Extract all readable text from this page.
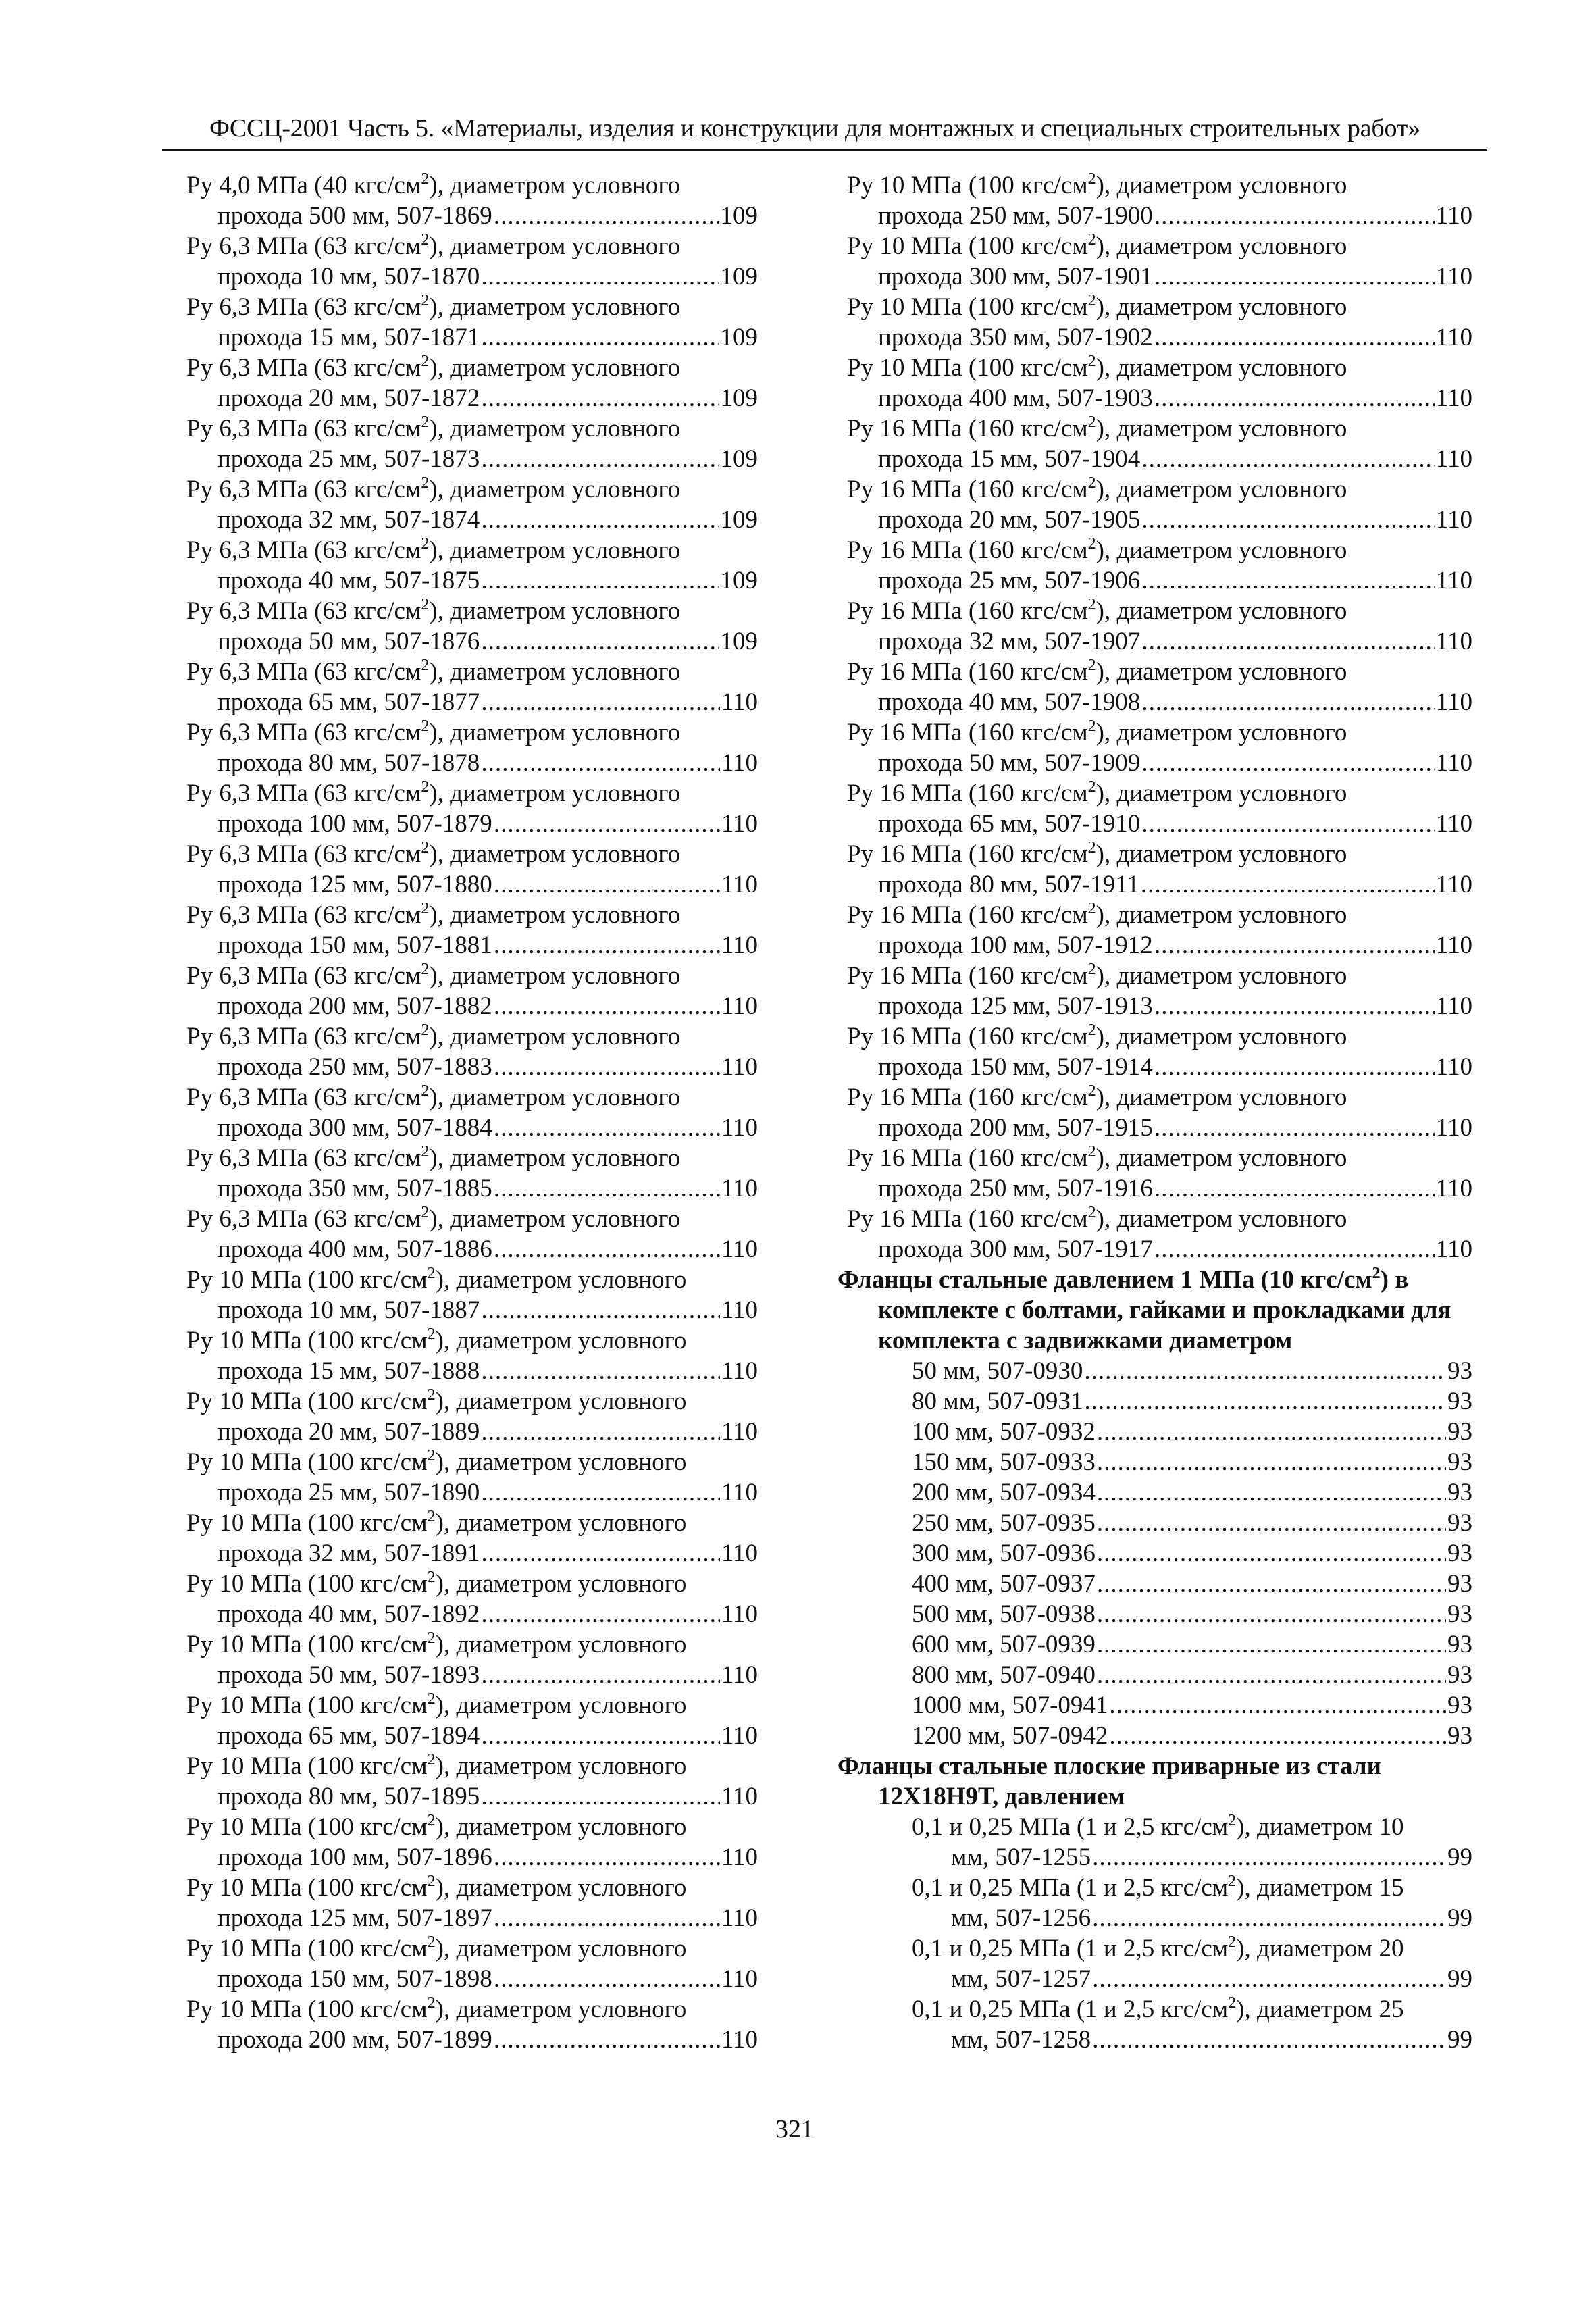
ФССЦ-2001 Часть 5. «Материалы, изделия и конструкции для монтажных и специальных строительных работ»
Ру 4,0 МПа (40 кгс/$см^2$), диаметром условного
прохода 500 мм, 507-1869 .....	109
Ру 6,3 МПа (63 кгс/$см^2$), диаметром условного
прохода 10 мм, 507-1870 .....	109
Ру 6,3 МПа (63 кгс/$см^2$), диаметром условного
прохода 15 мм, 507-1871 .....	109
Ру 6,3 МПа (63 кгс/$см^2$), диаметром условного
прохода 20 мм, 507-1872 .....	109
Ру 6,3 МПа (63 кгс/$см^2$), диаметром условного
прохода 25 мм, 507-1873 .....	109
Ру 6,3 МПа (63 кгс/$см^2$), диаметром условного
прохода 32 мм, 507-1874 .....	109
Ру 6,3 МПа (63 кгс/$см^2$), диаметром условного
прохода 40 мм, 507-1875 .....	109
Ру 6,3 МПа (63 кгс/$см^2$), диаметром условного
прохода 50 мм, 507-1876 .....	109
Ру 6,3 МПа (63 кгс/$см^2$), диаметром условного
прохода 65 мм, 507-1877 .....	110
Ру 6,3 МПа (63 кгс/$см^2$), диаметром условного
прохода 80 мм, 507-1878 .....	110
Ру 6,3 МПа (63 кгс/$см^2$), диаметром условного
прохода 100 мм, 507-1879 .....	110
Ру 6,3 МПа (63 кгс/$см^2$), диаметром условного
прохода 125 мм, 507-1880 .....	110
Ру 6,3 МПа (63 кгс/$см^2$), диаметром условного
прохода 150 мм, 507-1881 .....	110
Ру 6,3 МПа (63 кгс/$см^2$), диаметром условного
прохода 200 мм, 507-1882 .....	110
Ру 6,3 МПа (63 кгс/$см^2$), диаметром условного
прохода 250 мм, 507-1883 .....	110
Ру 6,3 МПа (63 кгс/$см^2$), диаметром условного
прохода 300 мм, 507-1884 .....	110
Ру 6,3 МПа (63 кгс/$см^2$), диаметром условного
прохода 350 мм, 507-1885 .....	110
Ру 6,3 МПа (63 кгс/$см^2$), диаметром условного
прохода 400 мм, 507-1886 .....	110
Ру 10 МПа (100 кгс/$см^2$), диаметром условного
прохода 10 мм, 507-1887 .....	110
Ру 10 МПа (100 кгс/$см^2$), диаметром условного
прохода 15 мм, 507-1888 .....	110
Ру 10 МПа (100 кгс/$см^2$), диаметром условного
прохода 20 мм, 507-1889 .....	110
Ру 10 МПа (100 кгс/$см^2$), диаметром условного
прохода 25 мм, 507-1890 .....	110
Ру 10 МПа (100 кгс/$см^2$), диаметром условного
прохода 32 мм, 507-1891 .....	110
Ру 10 МПа (100 кгс/$см^2$), диаметром условного
прохода 40 мм, 507-1892 .....	110
Ру 10 МПа (100 кгс/$см^2$), диаметром условного
прохода 50 мм, 507-1893 .....	110
Ру 10 МПа (100 кгс/$см^2$), диаметром условного
прохода 65 мм, 507-1894 .....	110
Ру 10 МПа (100 кгс/$см^2$), диаметром условного
прохода 80 мм, 507-1895 .....	110
Ру 10 МПа (100 кгс/$см^2$), диаметром условного
прохода 100 мм, 507-1896 .....	110
Ру 10 МПа (100 кгс/$см^2$), диаметром условного
прохода 125 мм, 507-1897 .....	110
Ру 10 МПа (100 кгс/$см^2$), диаметром условного
прохода 150 мм, 507-1898 .....	110
Ру 10 МПа (100 кгс/$см^2$), диаметром условного
прохода 200 мм, 507-1899 .....	110
Ру 10 МПа (100 кгс/$см^2$), диаметром условного
прохода 250 мм, 507-1900 .....	110
Ру 10 МПа (100 кгс/$см^2$), диаметром условного
прохода 300 мм, 507-1901 .....	110
Ру 10 МПа (100 кгс/$см^2$), диаметром условного
прохода 350 мм, 507-1902 .....	110
Ру 10 МПа (100 кгс/$см^2$), диаметром условного
прохода 400 мм, 507-1903 .....	110
Ру 16 МПа (160 кгс/$см^2$), диаметром условного
прохода 15 мм, 507-1904 .....	110
Ру 16 МПа (160 кгс/$см^2$), диаметром условного
прохода 20 мм, 507-1905 .....	110
Ру 16 МПа (160 кгс/$см^2$), диаметром условного
прохода 25 мм, 507-1906 .....	110
Ру 16 МПа (160 кгс/$см^2$), диаметром условного
прохода 32 мм, 507-1907 .....	110
Ру 16 МПа (160 кгс/$см^2$), диаметром условного
прохода 40 мм, 507-1908 .....	110
Ру 16 МПа (160 кгс/$см^2$), диаметром условного
прохода 50 мм, 507-1909 .....	110
Ру 16 МПа (160 кгс/$см^2$), диаметром условного
прохода 65 мм, 507-1910 .....	110
Ру 16 МПа (160 кгс/$см^2$), диаметром условного
прохода 80 мм, 507-1911 .....	110
Ру 16 МПа (160 кгс/$см^2$), диаметром условного
прохода 100 мм, 507-1912 .....	110
Ру 16 МПа (160 кгс/$см^2$), диаметром условного
прохода 125 мм, 507-1913 .....	110
Ру 16 МПа (160 кгс/$см^2$), диаметром условного
прохода 150 мм, 507-1914 .....	110
Ру 16 МПа (160 кгс/$см^2$), диаметром условного
прохода 200 мм, 507-1915 .....	110
Ру 16 МПа (160 кгс/$см^2$), диаметром условного
прохода 250 мм, 507-1916 .....	110
Ру 16 МПа (160 кгс/$см^2$), диаметром условного
прохода 300 мм, 507-1917 .....	110
Фланцы стальные давлением 1 МПа (10 кгс/$см^2$) в
комплекте с болтами, гайками и прокладками для
комплекта с задвижками диаметром
50 мм, 507-0930 .....	93
80 мм, 507-0931 .....	93
100 мм, 507-0932 .....	93
150 мм, 507-0933 .....	93
200 мм, 507-0934 .....	93
250 мм, 507-0935 .....	93
300 мм, 507-0936 .....	93
400 мм, 507-0937 .....	93
500 мм, 507-0938 .....	93
600 мм, 507-0939 .....	93
800 мм, 507-0940 .....	93
1000 мм, 507-0941 .....	93
1200 мм, 507-0942 .....	93
Фланцы стальные плоские приварные из стали
12Х18Н9Т, давлением
0,1 и 0,25 МПа (1 и 2,5 кгс/$см^2$), диаметром 10
мм, 507-1255 .....	99
0,1 и 0,25 МПа (1 и 2,5 кгс/$см^2$), диаметром 15
мм, 507-1256 .....	99
0,1 и 0,25 МПа (1 и 2,5 кгс/$см^2$), диаметром 20
мм, 507-1257 .....	99
0,1 и 0,25 МПа (1 и 2,5 кгс/$см^2$), диаметром 25
мм, 507-1258 .....	99
321
